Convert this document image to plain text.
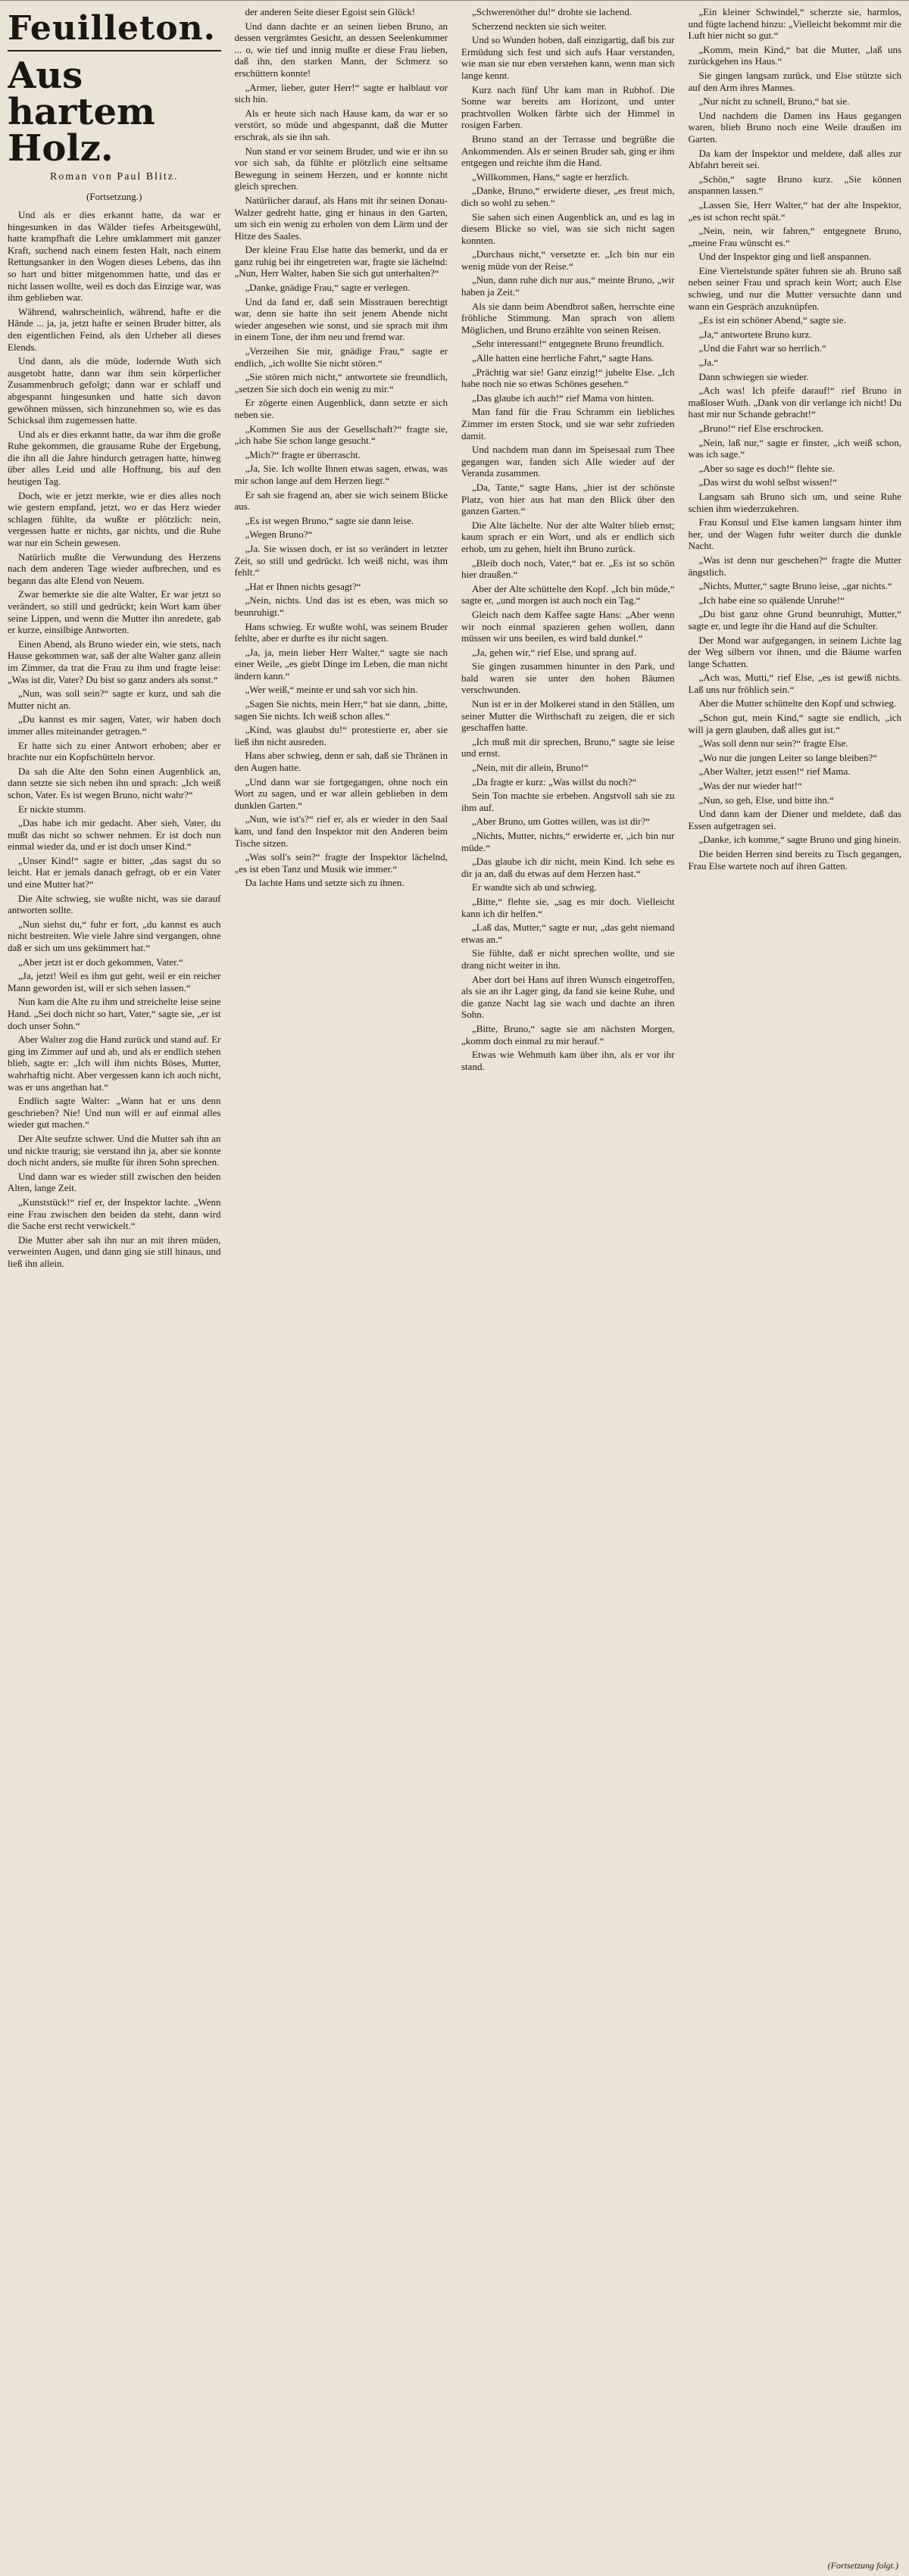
Feuilleton.
Aus hartem Holz.
Roman von Paul Blitz.
(Fortsetzung.)

Und als er dies erkannt hatte, da war er hingesunken in das Wälder tiefes Arbeitsgewühl, hatte krampfhaft die Lehre umklammert mit ganzer Kraft, suchend nach einem festen Halt, nach einem Rettungsanker in den Wogen dieses Lebens, das ihn so hart und bitter mitgenommen hatte, und das er nicht lassen wollte, weil es doch das Einzige war, was ihm geblieben war.

Während, wahrscheinlich, während, hafte er die Hände ... ja, ja, jetzt hafte er seinen Bruder bitter, als den eigentlichen Feind, als den Urheber all dieses Elends.

Und dann, als die müde, lodernde Wuth sich ausgetobt hatte, dann war ihm sein körperlicher Zusammenbruch gefolgt; dann war er schlaff und abgespannt hingesunken und hatte sich davon gewöhnen müssen, sich hinzunehmen so, wie es das Schicksal ihm zugemessen hatte.

Und als er dies erkannt hatte, da war ihm die große Ruhe gekommen, die grausame Ruhe der Ergebung, die ihn all die Jahre hindurch getragen hatte, hinweg über alles Leid und alle Hoffnung, bis auf den heutigen Tag.

Doch, wie er jetzt merkte, wie er dies alles noch wie gestern empfand, jetzt, wo er das Herz wieder schlagen fühlte, da wußte er plötzlich: nein, vergessen hatte er nichts, gar nichts, und die Ruhe war nur ein Schein gewesen.

Natürlich mußte die Verwundung des Herzens nach dem anderen Tage wieder aufbrechen, und es begann das alte Elend von Neuem.

Zwar bemerkte sie die alte Walter, Er war jetzt so verändert, so still und gedrückt; kein Wort kam über seine Lippen, und wenn die Mutter ihn anredete, gab er kurze, einsilbige Antworten.

Einen Abend, als Bruno wieder ein, wie stets, nach Hause gekommen war, saß der alte Walter ganz allein im Zimmer, da trat die Frau zu ihm und fragte leise: „Was ist dir, Vater? Du bist so ganz anders als sonst.“

„Nun, was soll sein?“ sagte er kurz, und sah die Mutter nicht an.

„Du kannst es mir sagen, Vater, wir haben doch immer alles miteinander getragen.“

Er hatte sich zu einer Antwort erhoben; aber er brachte nur ein Kopfschütteln hervor.

Da sah die Alte den Sohn einen Augenblick an, dann setzte sie sich neben ihn und sprach: „Ich weiß schon, Vater. Es ist wegen Bruno, nicht wahr?“

Er nickte stumm.

„Das habe ich mir gedacht. Aber sieh, Vater, du mußt das nicht so schwer nehmen. Er ist doch nun einmal wieder da, und er ist doch unser Kind.“

„Unser Kind!“ sagte er bitter, „das sagst du so leicht. Hat er jemals danach gefragt, ob er ein Vater und eine Mutter hat?“

Die Alte schwieg, sie wußte nicht, was sie darauf antworten sollte.

„Nun siehst du,“ fuhr er fort, „du kannst es auch nicht bestreiten. Wie viele Jahre sind vergangen, ohne daß er sich um uns gekümmert hat.“

„Aber jetzt ist er doch gekommen, Vater.“

„Ja, jetzt! Weil es ihm gut geht, weil er ein reicher Mann geworden ist, will er sich sehen lassen.“

Nun kam die Alte zu ihm und streichelte leise seine Hand. „Sei doch nicht so hart, Vater,“ sagte sie, „er ist doch unser Sohn.“

Aber Walter zog die Hand zurück und stand auf. Er ging im Zimmer auf und ab, und als er endlich stehen blieb, sagte er: „Ich will ihm nichts Böses, Mutter, wahrhaftig nicht. Aber vergessen kann ich auch nicht, was er uns angethan hat.“

Endlich sagte Walter: „Wann hat er uns denn geschrieben? Nie! Und nun will er auf einmal alles wieder gut machen.“

Der Alte seufzte schwer. Und die Mutter sah ihn an und nickte traurig; sie verstand ihn ja, aber sie konnte doch nicht anders, sie mußte für ihren Sohn sprechen.

Und dann war es wieder still zwischen den beiden Alten, lange Zeit.

„Kunststück!“ rief er, der Inspektor lachte. „Wenn eine Frau zwischen den beiden da steht, dann wird die Sache erst recht verwickelt.“

Die Mutter aber sah ihn nur an mit ihren müden, verweinten Augen, und dann ging sie still hinaus, und ließ ihn allein.

der anderen Seite dieser Egoist sein Glück!

Und dann dachte er an seinen lieben Bruno, an dessen vergrämtes Gesicht, an dessen Seelenkummer ... o, wie tief und innig mußte er diese Frau lieben, daß ihn, den starken Mann, der Schmerz so erschüttern konnte!

„Armer, lieber, guter Herr!“ sagte er halblaut vor sich hin.

Als er heute sich nach Hause kam, da war er so verstört, so müde und abgespannt, daß die Mutter erschrak, als sie ihn sah.

Nun stand er vor seinem Bruder, und wie er ihn so vor sich sah, da fühlte er plötzlich eine seltsame Bewegung in seinem Herzen, und er konnte nicht gleich sprechen.

Natürlicher darauf, als Hans mit ihr seinen Donau-Walzer gedreht hatte, ging er hinaus in den Garten, um sich ein wenig zu erholen von dem Lärm und der Hitze des Saales.

Der kleine Frau Else hatte das bemerkt, und da er ganz ruhig bei ihr eingetreten war, fragte sie lächelnd: „Nun, Herr Walter, haben Sie sich gut unterhalten?“

„Danke, gnädige Frau,“ sagte er verlegen.

Und da fand er, daß sein Misstrauen berechtigt war, denn sie hatte ihn seit jenem Abende nicht wieder angesehen wie sonst, und sie sprach mit ihm in einem Tone, der ihm neu und fremd war.

„Verzeihen Sie mir, gnädige Frau,“ sagte er endlich, „ich wollte Sie nicht stören.“

„Sie stören mich nicht,“ antwortete sie freundlich, „setzen Sie sich doch ein wenig zu mir.“

Er zögerte einen Augenblick, dann setzte er sich neben sie.

„Kommen Sie aus der Gesellschaft?“ fragte sie, „ich habe Sie schon lange gesucht.“

„Mich?“ fragte er überrascht.

„Ja, Sie. Ich wollte Ihnen etwas sagen, etwas, was mir schon lange auf dem Herzen liegt.“

Er sah sie fragend an, aber sie wich seinem Blicke aus.

„Es ist wegen Bruno,“ sagte sie dann leise.

„Wegen Bruno?“

„Ja. Sie wissen doch, er ist so verändert in letzter Zeit, so still und gedrückt. Ich weiß nicht, was ihm fehlt.“

„Hat er Ihnen nichts gesagt?“

„Nein, nichts. Und das ist es eben, was mich so beunruhigt.“

Hans schwieg. Er wußte wohl, was seinem Bruder fehlte, aber er durfte es ihr nicht sagen.

„Ja, ja, mein lieber Herr Walter,“ sagte sie nach einer Weile, „es giebt Dinge im Leben, die man nicht ändern kann.“

„Wer weiß,“ meinte er und sah vor sich hin.

„Sagen Sie nichts, mein Herr,“ bat sie dann, „bitte, sagen Sie nichts. Ich weiß schon alles.“

„Kind, was glaubst du!“ protestierte er, aber sie ließ ihn nicht ausreden.

Hans aber schwieg, denn er sah, daß sie Thränen in den Augen hatte.

„Und dann war sie fortgegangen, ohne noch ein Wort zu sagen, und er war allein geblieben in dem dunklen Garten.“

„Nun, wie ist's?“ rief er, als er wieder in den Saal kam, und fand den Inspektor mit den Anderen beim Tische sitzen.

„Was soll's sein?“ fragte der Inspektor lächelnd, „es ist eben Tanz und Musik wie immer.“

Da lachte Hans und setzte sich zu ihnen.

„Schwerenöther du!“ drohte sie lachend.

Scherzend neckten sie sich weiter.

Und so Wunden hoben, daß einzigartig, daß bis zur Ermüdung sich fest und sich aufs Haar verstanden, wie man sie nur eben verstehen kann, wenn man sich lange kennt.

Kurz nach fünf Uhr kam man in Rubhof. Die Sonne war bereits am Horizont, und unter prachtvollen Wolken färbte sich der Himmel in rosigen Farben.

Bruno stand an der Terrasse und begrüßte die Ankommenden. Als er seinen Bruder sah, ging er ihm entgegen und reichte ihm die Hand.

„Willkommen, Hans,“ sagte er herzlich.

„Danke, Bruno,“ erwiderte dieser, „es freut mich, dich so wohl zu sehen.“

Sie sahen sich einen Augenblick an, und es lag in diesem Blicke so viel, was sie sich nicht sagen konnten.

„Durchaus nicht,“ versetzte er. „Ich bin nur ein wenig müde von der Reise.“

„Nun, dann ruhe dich nur aus,“ meinte Bruno, „wir haben ja Zeit.“

Als sie dann beim Abendbrot saßen, herrschte eine fröhliche Stimmung. Man sprach von allem Möglichen, und Bruno erzählte von seinen Reisen.

„Sehr interessant!“ entgegnete Bruno freundlich.

„Alle hatten eine herrliche Fahrt,“ sagte Hans.

„Prächtig war sie! Ganz einzig!“ jubelte Else. „Ich habe noch nie so etwas Schönes gesehen.“

„Das glaube ich auch!“ rief Mama von hinten.

Man fand für die Frau Schramm ein liebliches Zimmer im ersten Stock, und sie war sehr zufrieden damit.

Und nachdem man dann im Speisesaal zum Thee gegangen war, fanden sich Alle wieder auf der Veranda zusammen.

„Da, Tante,“ sagte Hans, „hier ist der schönste Platz, von hier aus hat man den Blick über den ganzen Garten.“

Die Alte lächelte. Nur der alte Walter blieb ernst; kaum sprach er ein Wort, und als er endlich sich erhob, um zu gehen, hielt ihn Bruno zurück.

„Bleib doch noch, Vater,“ bat er. „Es ist so schön hier draußen.“

Aber der Alte schüttelte den Kopf. „Ich bin müde,“ sagte er, „und morgen ist auch noch ein Tag.“

Gleich nach dem Kaffee sagte Hans: „Aber wenn wir noch einmal spazieren gehen wollen, dann müssen wir uns beeilen, es wird bald dunkel.“

„Ja, gehen wir,“ rief Else, und sprang auf.

Sie gingen zusammen hinunter in den Park, und bald waren sie unter den hohen Bäumen verschwunden.

Nun ist er in der Molkerei stand in den Ställen, um seiner Mutter die Wirthschaft zu zeigen, die er sich geschaffen hatte.

„Ich muß mit dir sprechen, Bruno,“ sagte sie leise und ernst.

„Nein, mit dir allein, Bruno!“

„Da fragte er kurz: „Was willst du noch?“

Sein Ton machte sie erbeben. Angstvoll sah sie zu ihm auf.

„Aber Bruno, um Gottes willen, was ist dir?“

„Nichts, Mutter, nichts,“ erwiderte er, „ich bin nur müde.“

„Das glaube ich dir nicht, mein Kind. Ich sehe es dir ja an, daß du etwas auf dem Herzen hast.“

Er wandte sich ab und schwieg.

„Bitte,“ flehte sie, „sag es mir doch. Vielleicht kann ich dir helfen.“

„Laß das, Mutter,“ sagte er nur, „das geht niemand etwas an.“

Sie fühlte, daß er nicht sprechen wollte, und sie drang nicht weiter in ihn.

Aber dort bei Hans auf ihren Wunsch eingetroffen, als sie an ihr Lager ging, da fand sie keine Ruhe, und die ganze Nacht lag sie wach und dachte an ihren Sohn.

„Bitte, Bruno,“ sagte sie am nächsten Morgen, „komm doch einmal zu mir herauf.“

Etwas wie Wehmuth kam über ihn, als er vor ihr stand.

„Ein kleiner Schwindel,“ scherzte sie, harmlos, und fügte lachend hinzu: „Vielleicht bekommt mir die Luft hier nicht so gut.“

„Komm, mein Kind,“ bat die Mutter, „laß uns zurückgehen ins Haus.“

Sie gingen langsam zurück, und Else stützte sich auf den Arm ihres Mannes.

„Nur nicht zu schnell, Bruno,“ bat sie.

Und nachdem die Damen ins Haus gegangen waren, blieb Bruno noch eine Weile draußen im Garten.

Da kam der Inspektor und meldete, daß alles zur Abfahrt bereit sei.

„Schön,“ sagte Bruno kurz. „Sie können anspannen lassen.“

„Lassen Sie, Herr Walter,“ bat der alte Inspektor, „es ist schon recht spät.“

„Nein, nein, wir fahren,“ entgegnete Bruno, „meine Frau wünscht es.“

Und der Inspektor ging und ließ anspannen.

Eine Viertelstunde später fuhren sie ab. Bruno saß neben seiner Frau und sprach kein Wort; auch Else schwieg, und nur die Mutter versuchte dann und wann ein Gespräch anzuknüpfen.

„Es ist ein schöner Abend,“ sagte sie.

„Ja,“ antwortete Bruno kurz.

„Und die Fahrt war so herrlich.“

„Ja.“

Dann schwiegen sie wieder.

„Ach was! Ich pfeife darauf!“ rief Bruno in maßloser Wuth. „Dank von dir verlange ich nicht! Du hast mir nur Schande gebracht!“

„Bruno!“ rief Else erschrocken.

„Nein, laß nur,“ sagte er finster, „ich weiß schon, was ich sage.“

„Aber so sage es doch!“ flehte sie.

„Das wirst du wohl selbst wissen!“

Langsam sah Bruno sich um, und seine Ruhe schien ihm wiederzukehren.

Frau Konsul und Else kamen langsam hinter ihm her, und der Wagen fuhr weiter durch die dunkle Nacht.

„Was ist denn nur geschehen?“ fragte die Mutter ängstlich.

„Nichts, Mutter,“ sagte Bruno leise, „gar nichts.“

„Ich habe eine so quälende Unruhe!“

„Du bist ganz ohne Grund beunruhigt, Mutter,“ sagte er, und legte ihr die Hand auf die Schulter.

Der Mond war aufgegangen, in seinem Lichte lag der Weg silbern vor ihnen, und die Bäume warfen lange Schatten.

„Ach was, Mutti,“ rief Else, „es ist gewiß nichts. Laß uns nur fröhlich sein.“

Aber die Mutter schüttelte den Kopf und schwieg.

„Schon gut, mein Kind,“ sagte sie endlich, „ich will ja gern glauben, daß alles gut ist.“

„Was soll denn nur sein?“ fragte Else.

„Wo nur die jungen Leiter so lange bleiben?“

„Aber Walter, jetzt essen!“ rief Mama.

„Was der nur wieder hat!“

„Nun, so geh, Else, und bitte ihn.“

Und dann kam der Diener und meldete, daß das Essen aufgetragen sei.

„Danke, ich komme,“ sagte Bruno und ging hinein.

Die beiden Herren sind bereits zu Tisch gegangen, Frau Else wartete noch auf ihren Gatten.

(Fortsetzung folgt.)
